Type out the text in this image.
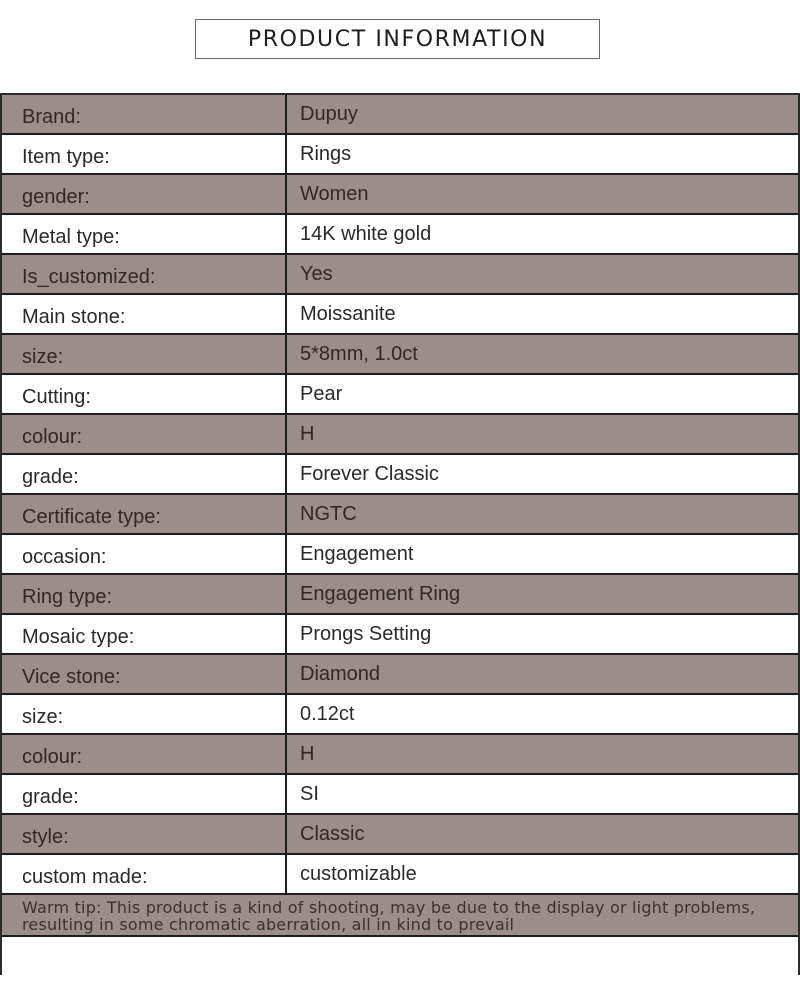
PRODUCT INFORMATION
Brand:	Dupuy
Item type:	Rings
gender:	Women
Metal type:	14K white gold
Is_customized:	Yes
Main stone:	Moissanite
size:	5*8mm, 1.0ct
Cutting:	Pear
colour:	H
grade:	Forever Classic
Certificate type:	NGTC
occasion:	Engagement
Ring type:	Engagement Ring
Mosaic type:	Prongs Setting
Vice stone:	Diamond
size:	0.12ct
colour:	H
grade:	SI
style:	Classic
custom made:	customizable
Warm tip: This product is a kind of shooting, may be due to the display or light problems, resulting in some chromatic aberration, all in kind to prevail
